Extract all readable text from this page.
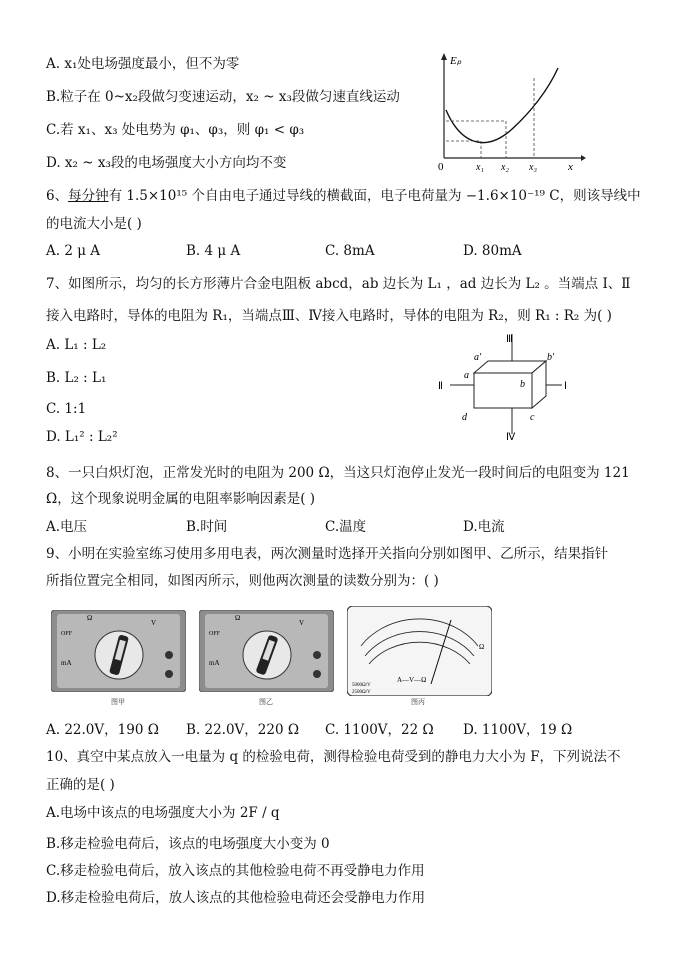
A. x₁处电场强度最小，但不为零
B.粒子在 0~x₂段做匀变速运动，x₂ ~ x₃段做匀速直线运动
C.若 x₁、x₃ 处电势为 φ₁、φ₃，则 φ₁ < φ₃
D. x₂ ~ x₃段的电场强度大小方向均不变
Eₚ
0	x₁ x₂ x₃	x
6、每分钟有 1.5×10¹⁵ 个自由电子通过导线的横截面，电子电荷量为 −1.6×10⁻¹⁹ C，则该导线中
的电流大小是( )
A. 2 μ A	B. 4 μ A	C. 8mA	D. 80mA
7、如图所示，均匀的长方形薄片合金电阻板 abcd，ab 边长为 L₁ ，ad 边长为 L₂ 。当端点 Ⅰ、Ⅱ
接入电路时，导体的电阻为 R₁，当端点Ⅲ、Ⅳ接入电路时，导体的电阻为 R₂，则 R₁ : R₂ 为( )
A. L₁ : L₂
B. L₂ : L₁
C. 1:1
D. L₁² : L₂²
Ⅲ
Ⅳ
Ⅱ	Ⅰ
a'	b'
a
b
c
d
8、一只白炽灯泡，正常发光时的电阻为 200 Ω，当这只灯泡停止发光一段时间后的电阻变为 121
Ω，这个现象说明金属的电阻率影响因素是( )
A.电压	B.时间	C.温度	D.电流
9、小明在实验室练习使用多用电表，两次测量时选择开关指向分别如图甲、乙所示，结果指针
所指位置完全相同，如图丙所示，则他两次测量的读数分别为：( )
Ω
OFF
mA
V
图甲
Ω
OFF
mA
V
图乙
A—V—Ω
5000Ω/V
2500Ω/V
Ω
图丙
A. 22.0V，190 Ω B. 22.0V，220 Ω C. 1100V，22 Ω D. 1100V，19 Ω
10、真空中某点放入一电量为 q 的检验电荷，测得检验电荷受到的静电力大小为 F，下列说法不
正确的是( )
A.电场中该点的电场强度大小为 2F / q
B.移走检验电荷后，该点的电场强度大小变为 0
C.移走检验电荷后，放入该点的其他检验电荷不再受静电力作用
D.移走检验电荷后，放人该点的其他检验电荷还会受静电力作用
